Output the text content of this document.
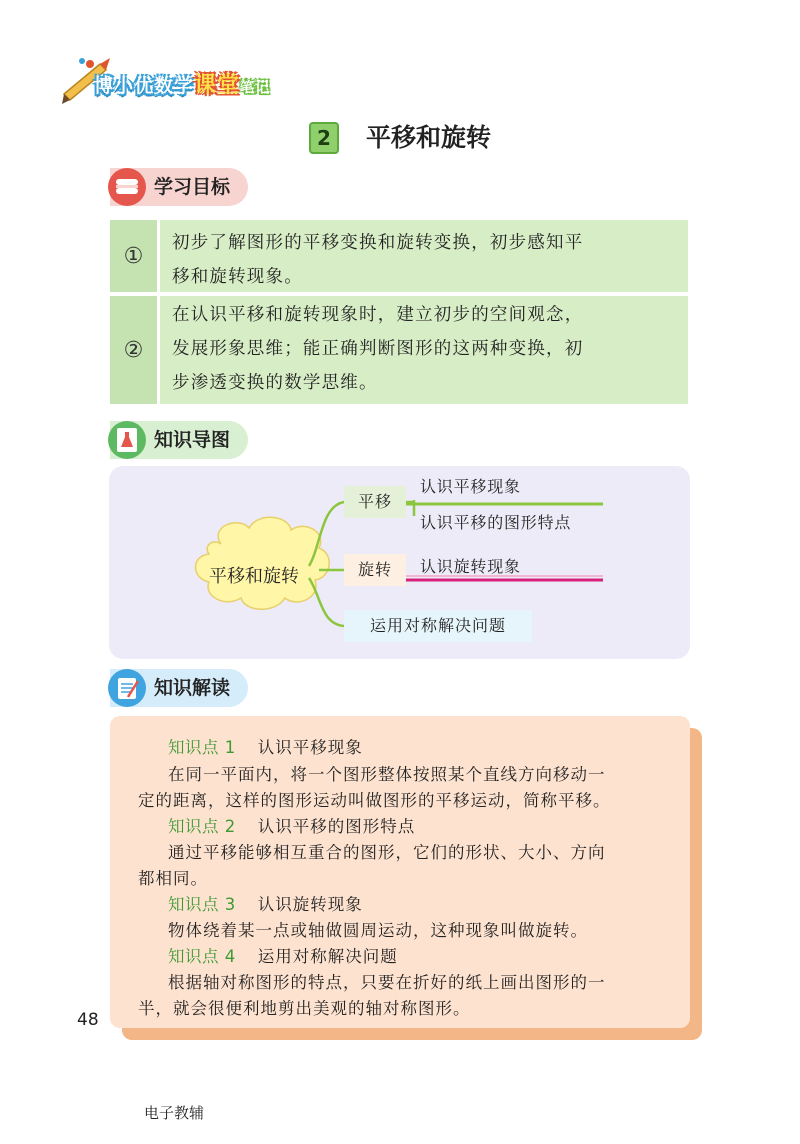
博小优数学课堂笔记
2	平移和旋转
学习目标
①
初步了解图形的平移变换和旋转变换，初步感知平
移和旋转现象。
②
在认识平移和旋转现象时，建立初步的空间观念，
发展形象思维；能正确判断图形的这两种变换，初
步渗透变换的数学思维。
知识导图
平移和旋转
平移
旋转
运用对称解决问题
认识平移现象
认识平移的图形特点
认识旋转现象
知识解读
知识点 1 认识平移现象
在同一平面内，将一个图形整体按照某个直线方向移动一
定的距离，这样的图形运动叫做图形的平移运动，简称平移。
知识点 2 认识平移的图形特点
通过平移能够相互重合的图形，它们的形状、大小、方向
都相同。
知识点 3 认识旋转现象
物体绕着某一点或轴做圆周运动，这种现象叫做旋转。
知识点 4 运用对称解决问题
根据轴对称图形的特点，只要在折好的纸上画出图形的一
半，就会很便利地剪出美观的轴对称图形。
48
电子教辅
